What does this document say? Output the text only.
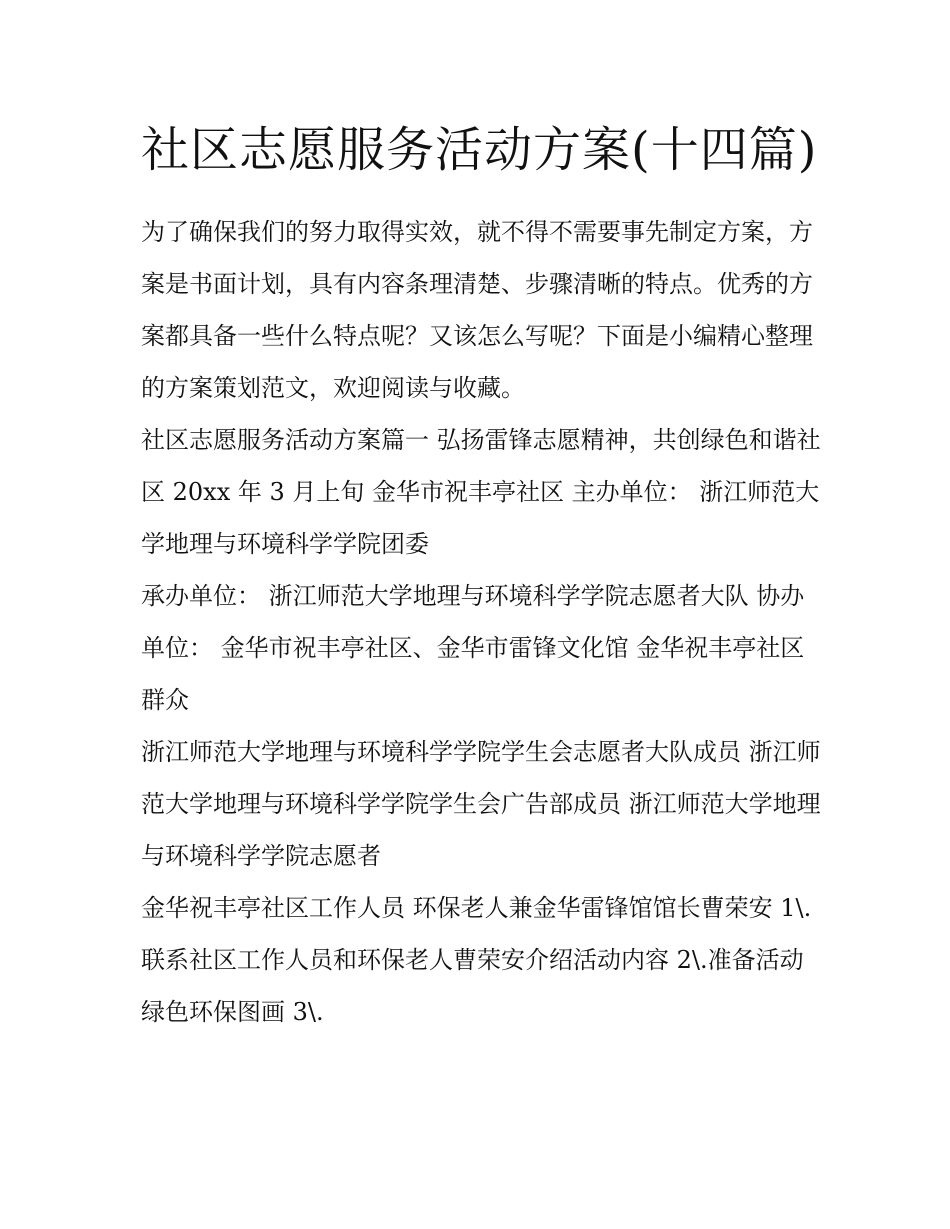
社区志愿服务活动方案(十四篇)

为了确保我们的努力取得实效，就不得不需要事先制定方案，方案是书面计划，具有内容条理清楚、步骤清晰的特点。优秀的方案都具备一些什么特点呢？又该怎么写呢？下面是小编精心整理的方案策划范文，欢迎阅读与收藏。

社区志愿服务活动方案篇一 弘扬雷锋志愿精神，共创绿色和谐社区 20xx 年 3 月上旬 金华市祝丰亭社区 主办单位： 浙江师范大学地理与环境科学学院团委

承办单位： 浙江师范大学地理与环境科学学院志愿者大队 协办单位： 金华市祝丰亭社区、金华市雷锋文化馆 金华祝丰亭社区群众

浙江师范大学地理与环境科学学院学生会志愿者大队成员 浙江师范大学地理与环境科学学院学生会广告部成员 浙江师范大学地理与环境科学学院志愿者

金华祝丰亭社区工作人员 环保老人兼金华雷锋馆馆长曹荣安 1\.联系社区工作人员和环保老人曹荣安介绍活动内容 2\.准备活动绿色环保图画 3\.
